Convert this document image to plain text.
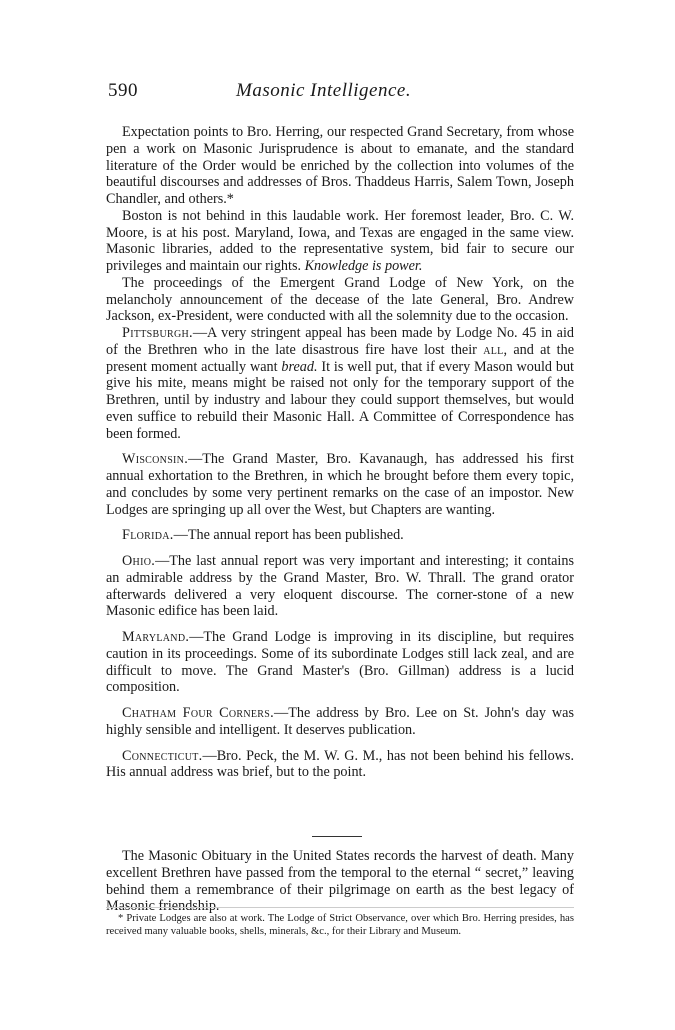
590	Masonic Intelligence.

Expectation points to Bro. Herring, our respected Grand Secretary, from whose pen a work on Masonic Jurisprudence is about to emanate, and the standard literature of the Order would be enriched by the collection into volumes of the beautiful discourses and addresses of Bros. Thaddeus Harris, Salem Town, Joseph Chandler, and others.*

Boston is not behind in this laudable work. Her foremost leader, Bro. C. W. Moore, is at his post. Maryland, Iowa, and Texas are engaged in the same view. Masonic libraries, added to the representative system, bid fair to secure our privileges and maintain our rights. Knowledge is power.

The proceedings of the Emergent Grand Lodge of New York, on the melancholy announcement of the decease of the late General, Bro. Andrew Jackson, ex-President, were conducted with all the solemnity due to the occasion.

Pittsburgh.—A very stringent appeal has been made by Lodge No. 45 in aid of the Brethren who in the late disastrous fire have lost their all, and at the present moment actually want bread. It is well put, that if every Mason would but give his mite, means might be raised not only for the temporary support of the Brethren, until by industry and labour they could support themselves, but would even suffice to rebuild their Masonic Hall. A Committee of Correspondence has been formed.

Wisconsin.—The Grand Master, Bro. Kavanaugh, has addressed his first annual exhortation to the Brethren, in which he brought before them every topic, and concludes by some very pertinent remarks on the case of an impostor. New Lodges are springing up all over the West, but Chapters are wanting.

Florida.—The annual report has been published.

Ohio.—The last annual report was very important and interesting; it contains an admirable address by the Grand Master, Bro. W. Thrall. The grand orator afterwards delivered a very eloquent discourse. The corner-stone of a new Masonic edifice has been laid.

Maryland.—The Grand Lodge is improving in its discipline, but requires caution in its proceedings. Some of its subordinate Lodges still lack zeal, and are difficult to move. The Grand Master's (Bro. Gillman) address is a lucid composition.

Chatham Four Corners.—The address by Bro. Lee on St. John's day was highly sensible and intelligent. It deserves publication.

Connecticut.—Bro. Peck, the M. W. G. M., has not been behind his fellows. His annual address was brief, but to the point.

The Masonic Obituary in the United States records the harvest of death. Many excellent Brethren have passed from the temporal to the eternal “ secret,” leaving behind them a remembrance of their pilgrimage on earth as the best legacy of Masonic friendship.

* Private Lodges are also at work. The Lodge of Strict Observance, over which Bro. Herring presides, has received many valuable books, shells, minerals, &c., for their Library and Museum.
